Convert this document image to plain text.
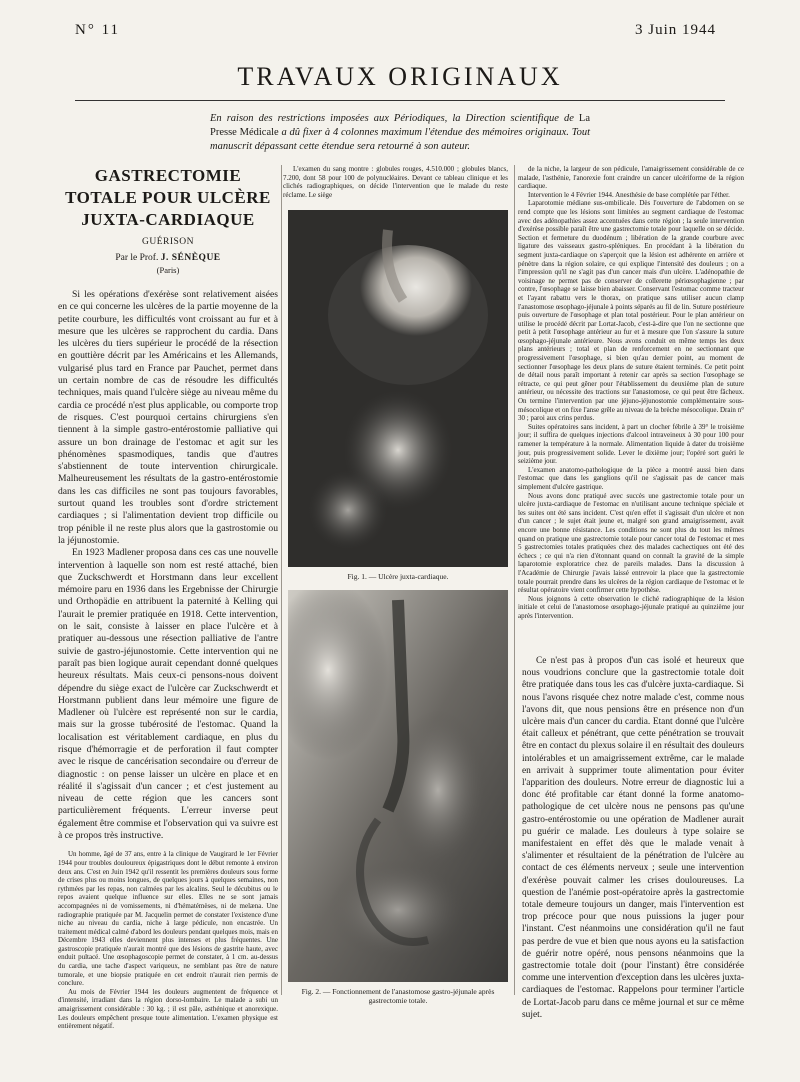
N° 11	3 Juin 1944
TRAVAUX ORIGINAUX
En raison des restrictions imposées aux Périodiques, la Direction scientifique de La Presse Médicale a dû fixer à 4 colonnes maximum l'étendue des mémoires originaux. Tout manuscrit dépassant cette étendue sera retourné à son auteur.
GASTRECTOMIE TOTALE POUR ULCÈRE JUXTA-CARDIAQUE

GUÉRISON

Par le Prof. J. SÉNÈQUE

(Paris)

Si les opérations d'exérèse sont relativement aisées en ce qui concerne les ulcères de la partie moyenne de la petite courbure, les difficultés vont croissant au fur et à mesure que les ulcères se rapprochent du cardia. Dans les ulcères du tiers supérieur le procédé de la résection en gouttière décrit par les Américains et les Allemands, vulgarisé plus tard en France par Pauchet, permet dans un certain nombre de cas de résoudre les difficultés techniques, mais quand l'ulcère siège au niveau même du cardia ce procédé n'est plus applicable, ou comporte trop de risques. C'est pourquoi certains chirurgiens s'en tiennent à la simple gastro-entérostomie palliative qui assure un bon drainage de l'estomac et agit sur les phénomènes spasmodiques, tandis que d'autres s'abstiennent de toute intervention chirurgicale. Malheureusement les résultats de la gastro-entérostomie dans les cas difficiles ne sont pas toujours favorables, surtout quand les troubles sont d'ordre strictement cardiaques ; si l'alimentation devient trop difficile ou trop pénible il ne reste plus alors que la gastrostomie ou la jéjunostomie.

En 1923 Madlener proposa dans ces cas une nouvelle intervention à laquelle son nom est resté attaché, bien que Zuckschwerdt et Horstmann dans leur excellent mémoire paru en 1936 dans les Ergebnisse der Chirurgie und Orthopädie en attribuent la paternité à Kelling qui l'aurait le premier pratiquée en 1918. Cette intervention, on le sait, consiste à laisser en place l'ulcère et à pratiquer au-dessous une résection palliative de l'antre suivie de gastro-jéjunostomie. Cette intervention qui ne paraît pas bien logique aurait cependant donné quelques heureux résultats. Mais ceux-ci pensons-nous doivent dépendre du siège exact de l'ulcère car Zuckschwerdt et Horstmann publient dans leur mémoire une figure de Madlener où l'ulcère est représenté non sur le cardia, mais sur la grosse tubérosité de l'estomac. Quand la localisation est véritablement cardiaque, en plus du risque d'hémorragie et de perforation il faut compter avec le risque de cancérisation secondaire ou d'erreur de diagnostic : on pense laisser un ulcère en place et en réalité il s'agissait d'un cancer ; et c'est justement au niveau de cette région que les cancers sont particulièrement fréquents. L'erreur inverse peut également être commise et l'observation qui va suivre est à ce propos très instructive.

Un homme, âgé de 37 ans, entre à la clinique de Vaugirard le 1er Février 1944 pour troubles douloureux épigastriques dont le début remonte à environ deux ans. C'est en Juin 1942 qu'il ressentit les premières douleurs sous forme de crises plus ou moins longues, de quelques jours à quelques semaines, non rythmées par les repas, non calmées par les alcalins. Seul le décubitus ou le repos avaient quelque influence sur elles. Elles ne se sont jamais accompagnées ni de vomissements, ni d'hématémèses, ni de melæna. Une radiographie pratiquée par M. Jacquelin permet de constater l'existence d'une niche au niveau du cardia, niche à large pédicule, non encastrée. Un traitement médical calmé d'abord les douleurs pendant quelques mois, mais en Décembre 1943 elles deviennent plus intenses et plus fréquentes. Une gastroscopie pratiquée n'aurait montré que des lésions de gastrite haute, avec enduit pultacé. Une œsophagoscopie permet de constater, à 1 cm. au-dessus du cardia, une tache d'aspect variqueux, ne semblant pas être de nature tumorale, et une biopsie pratiquée en cet endroit n'aurait rien permis de conclure.

Au mois de Février 1944 les douleurs augmentent de fréquence et d'intensité, irradiant dans la région dorso-lombaire. Le malade a subi un amaigrissement considérable : 30 kg. ; il est pâle, asthénique et anorexique. Les douleurs empêchent presque toute alimentation. L'examen physique est entièrement négatif.

L'examen du sang montre : globules rouges, 4.510.000 ; globules blancs, 7.200, dont 58 pour 100 de polynucléaires. Devant ce tableau clinique et les clichés radiographiques, on décide l'intervention que le malade du reste réclame. Le siège

Fig. 1. — Ulcère juxta-cardiaque.
Fig. 2. — Fonctionnement de l'anastomose gastro-jéjunale après gastrectomie totale.

de la niche, la largeur de son pédicule, l'amaigrissement considérable de ce malade, l'asthénie, l'anorexie font craindre un cancer ulcériforme de la région cardiaque.

Intervention le 4 Février 1944. Anesthésie de base complétée par l'éther.

Laparotomie médiane sus-ombilicale. Dès l'ouverture de l'abdomen on se rend compte que les lésions sont limitées au segment cardiaque de l'estomac avec des adénopathies assez accentuées dans cette région ; la seule intervention d'exérèse possible paraît être une gastrectomie totale pour laquelle on se décide. Section et fermeture du duodénum ; libération de la grande courbure avec ligature des vaisseaux gastro-spléniques. En procédant à la libération du segment juxta-cardiaque on s'aperçoit que la lésion est adhérente en arrière et pénètre dans la région solaire, ce qui explique l'intensité des douleurs ; on a l'impression qu'il ne s'agit pas d'un cancer mais d'un ulcère. L'adénopathie de voisinage ne permet pas de conserver de collerette périœsophagienne ; par contre, l'œsophage se laisse bien abaisser. Conservant l'estomac comme tracteur et l'ayant rabattu vers le thorax, on pratique sans utiliser aucun clamp l'anastomose œsophago-jéjunale à points séparés au fil de lin. Suture postérieure puis ouverture de l'œsophage et plan total postérieur. Pour le plan antérieur on utilise le procédé décrit par Lortat-Jacob, c'est-à-dire que l'on ne sectionne que petit à petit l'œsophage antérieur au fur et à mesure que l'on s'assure la suture œsophago-jéjunale antérieure. Nous avons conduit en même temps les deux plans antérieurs ; total et plan de renforcement en ne sectionnant que progressivement l'œsophage, si bien qu'au dernier point, au moment de sectionner l'œsophage les deux plans de suture étaient terminés. Ce petit point de détail nous paraît important à retenir car après sa section l'œsophage se rétracte, ce qui peut gêner pour l'établissement du deuxième plan de suture antérieur, ou nécessite des tractions sur l'anastomose, ce qui peut être fâcheux. On termine l'intervention par une jéjuno-jéjunostomie complémentaire sous-mésocolique et on fixe l'anse grêle au niveau de la brèche mésocolique. Drain n° 30 ; paroi aux crins perdus.

Suites opératoires sans incident, à part un clocher fébrile à 39° le troisième jour; il suffira de quelques injections d'alcool intraveineux à 30 pour 100 pour ramener la température à la normale. Alimentation liquide à dater du troisième jour, puis progressivement solide. Lever le dixième jour; l'opéré sort guéri le seizième jour.

L'examen anatomo-pathologique de la pièce a montré aussi bien dans l'estomac que dans les ganglions qu'il ne s'agissait pas de cancer mais simplement d'ulcère gastrique.

Nous avons donc pratiqué avec succès une gastrectomie totale pour un ulcère juxta-cardiaque de l'estomac en n'utilisant aucune technique spéciale et les suites ont été sans incident. C'est qu'en effet il s'agissait d'un ulcère et non d'un cancer ; le sujet était jeune et, malgré son grand amaigrissement, avait encore une bonne résistance. Les conditions ne sont plus du tout les mêmes quand on pratique une gastrectomie totale pour cancer total de l'estomac et mes 5 gastrectomies totales pratiquées chez des malades cachectiques ont été des échecs ; ce qui n'a rien d'étonnant quand on connaît la gravité de la simple laparotomie exploratrice chez de pareils malades. Dans la discussion à l'Académie de Chirurgie j'avais laissé entrevoir la place que la gastrectomie totale pourrait prendre dans les ulcères de la région cardiaque de l'estomac et le résultat opératoire vient confirmer cette hypothèse.

Nous joignons à cette observation le cliché radiographique de la lésion initiale et celui de l'anastomose œsophago-jéjunale pratiqué au quinzième jour après l'intervention.

Ce n'est pas à propos d'un cas isolé et heureux que nous voudrions conclure que la gastrectomie totale doit être pratiquée dans tous les cas d'ulcère juxta-cardiaque. Si nous l'avons risquée chez notre malade c'est, comme nous l'avons dit, que nous pensions être en présence non d'un ulcère mais d'un cancer du cardia. Etant donné que l'ulcère était calleux et pénétrant, que cette pénétration se trouvait être en contact du plexus solaire il en résultait des douleurs intolérables et un amaigrissement extrême, car le malade en arrivait à supprimer toute alimentation pour éviter l'apparition des douleurs. Notre erreur de diagnostic lui a donc été profitable car étant donné la forme anatomo-pathologique de cet ulcère nous ne pensons pas qu'une gastro-entérostomie ou une opération de Madlener aurait pu guérir ce malade. Les douleurs à type solaire se manifestaient en effet dès que le malade venait à s'alimenter et résultaient de la pénétration de l'ulcère au contact de ces éléments nerveux ; seule une intervention d'exérèse pouvait calmer les crises douloureuses. La question de l'anémie post-opératoire après la gastrectomie totale demeure toujours un danger, mais l'intervention est trop précoce pour que nous puissions la juger pour l'instant. C'est néanmoins une considération qu'il ne faut pas perdre de vue et bien que nous ayons eu la satisfaction de guérir notre opéré, nous pensons néanmoins que la gastrectomie totale doit (pour l'instant) être considérée comme une intervention d'exception dans les ulcères juxta-cardiaques de l'estomac. Rappelons pour terminer l'article de Lortat-Jacob paru dans ce même journal et sur ce même sujet.
